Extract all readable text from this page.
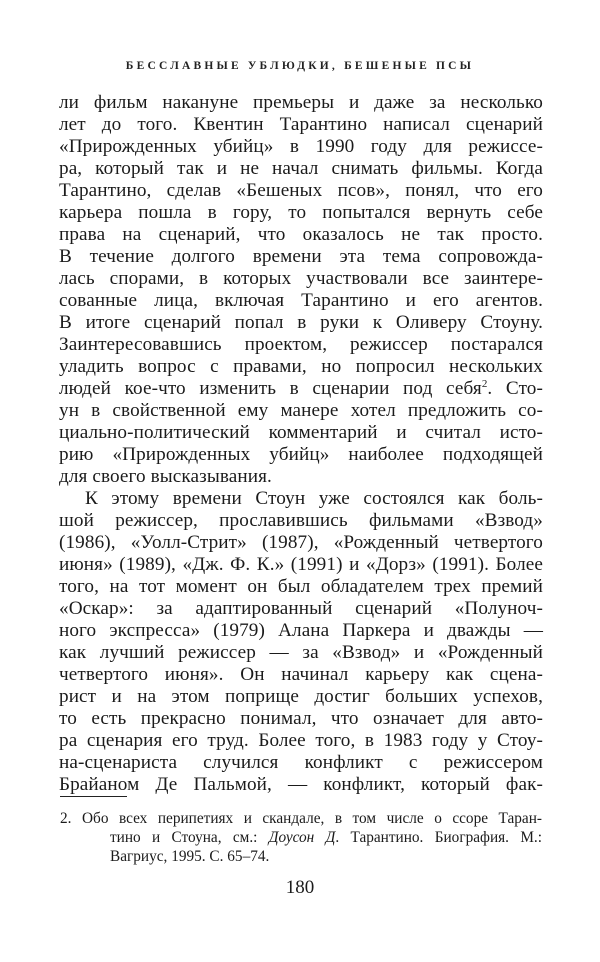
БЕССЛАВНЫЕ УБЛЮДКИ, БЕШЕНЫЕ ПСЫ
ли фильм накануне премьеры и даже за несколько
лет до того. Квентин Тарантино написал сценарий
«Прирожденных убийц» в 1990 году для режиссе-
ра, который так и не начал снимать фильмы. Когда
Тарантино, сделав «Бешеных псов», понял, что его
карьера пошла в гору, то попытался вернуть себе
права на сценарий, что оказалось не так просто.
В течение долгого времени эта тема сопровожда-
лась спорами, в которых участвовали все заинтере-
сованные лица, включая Тарантино и его агентов.
В итоге сценарий попал в руки к Оливеру Стоуну.
Заинтересовавшись проектом, режиссер постарался
уладить вопрос с правами, но попросил нескольких
людей кое-что изменить в сценарии под себя$^2$. Сто-
ун в свойственной ему манере хотел предложить со-
циально-политический комментарий и считал исто-
рию «Прирожденных убийц» наиболее подходящей
для своего высказывания.
К этому времени Стоун уже состоялся как боль-
шой режиссер, прославившись фильмами «Взвод»
(1986), «Уолл-Стрит» (1987), «Рожденный четвертого
июня» (1989), «Дж. Ф. К.» (1991) и «Дорз» (1991). Более
того, на тот момент он был обладателем трех премий
«Оскар»: за адаптированный сценарий «Полуноч-
ного экспресса» (1979) Алана Паркера и дважды —
как лучший режиссер — за «Взвод» и «Рожденный
четвертого июня». Он начинал карьеру как сцена-
рист и на этом поприще достиг больших успехов,
то есть прекрасно понимал, что означает для авто-
ра сценария его труд. Более того, в 1983 году у Стоу-
на-сценариста случился конфликт с режиссером
Брайаном Де Пальмой, — конфликт, который фак-
2. Обо всех перипетиях и скандале, в том числе о ссоре Таран-
тино и Стоуна, см.: Доусон Д. Тарантино. Биография. М.:
Вагриус, 1995. С. 65–74.
180
